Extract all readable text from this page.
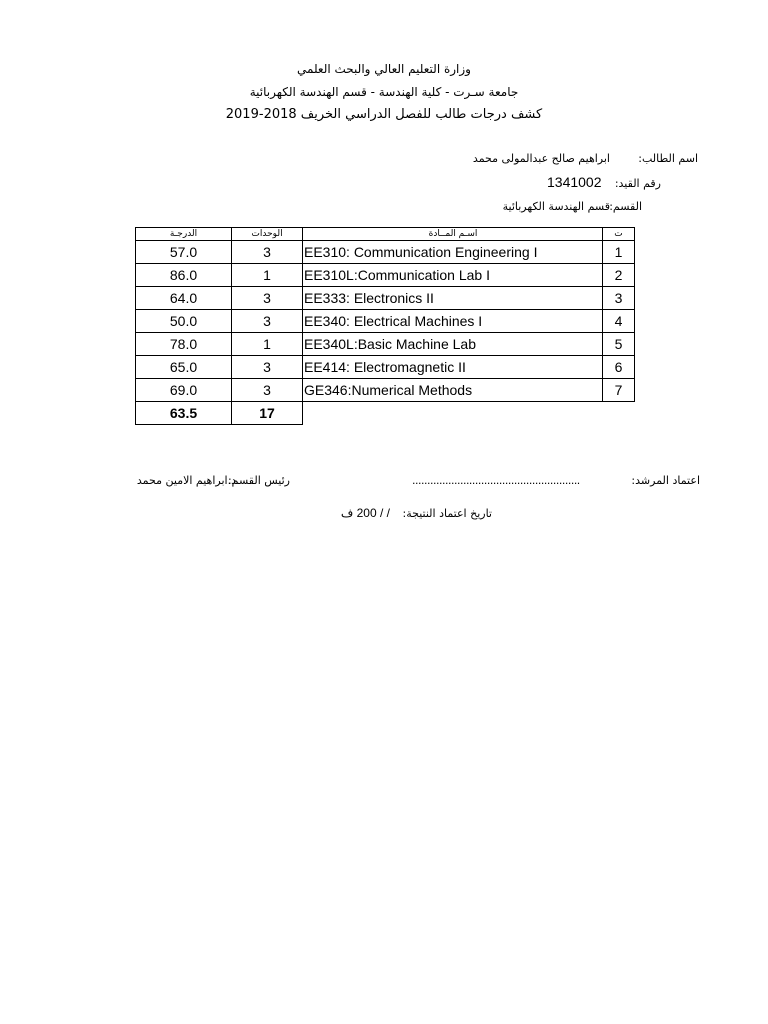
وزارة التعليم العالي والبحث العلمي
جامعة سـرت - كلية الهندسة - قسم الهندسة الكهربائية
كشف درجات طالب للفصل الدراسي الخريف 2018-2019
اسم الطالب:
ابراهيم صالح عبدالمولى محمد
رقم القيد:
1341002
القسم:
قسم الهندسة الكهربائية
الدرجـة	الوحدات	اسـم المــادة	ت
57.0	3	EE310: Communication Engineering I	1
86.0	1	EE310L:Communication Lab I	2
64.0	3	EE333: Electronics II	3
50.0	3	EE340: Electrical Machines I	4
78.0	1	EE340L:Basic Machine Lab	5
65.0	3	EE414: Electromagnetic II	6
69.0	3	GE346:Numerical Methods	7
63.5	17		
اعتماد المرشد:
........................................................
رئيس القسم:
د.ابراهيم الامين محمد
تاريخ اعتماد النتيجة:
/ / 200 ف
